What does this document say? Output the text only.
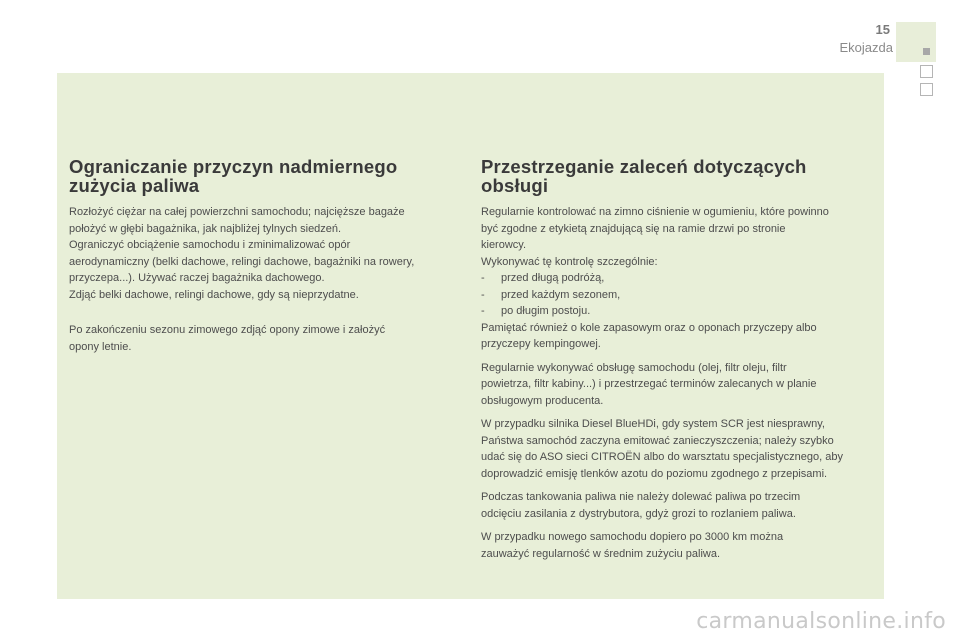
15
Ekojazda
Ograniczanie przyczyn nadmiernego
zużycia paliwa

Rozłożyć ciężar na całej powierzchni samochodu; najcięższe bagaże
położyć w głębi bagażnika, jak najbliżej tylnych siedzeń.
Ograniczyć obciążenie samochodu i zminimalizować opór
aerodynamiczny (belki dachowe, relingi dachowe, bagażniki na rowery,
przyczepa...). Używać raczej bagażnika dachowego.
Zdjąć belki dachowe, relingi dachowe, gdy są nieprzydatne.

Po zakończeniu sezonu zimowego zdjąć opony zimowe i założyć
opony letnie.

Przestrzeganie zaleceń dotyczących
obsługi

Regularnie kontrolować na zimno ciśnienie w ogumieniu, które powinno
być zgodne z etykietą znajdującą się na ramie drzwi po stronie
kierowcy.
Wykonywać tę kontrolę szczególnie:

-	przed długą podróżą,

-	przed każdym sezonem,

-	po długim postoju.

Pamiętać również o kole zapasowym oraz o oponach przyczepy albo
przyczepy kempingowej.

Regularnie wykonywać obsługę samochodu (olej, filtr oleju, filtr
powietrza, filtr kabiny...) i przestrzegać terminów zalecanych w planie
obsługowym producenta.

W przypadku silnika Diesel BlueHDi, gdy system SCR jest niesprawny,
Państwa samochód zaczyna emitować zanieczyszczenia; należy szybko
udać się do ASO sieci CITROËN albo do warsztatu specjalistycznego, aby
doprowadzić emisję tlenków azotu do poziomu zgodnego z przepisami.

Podczas tankowania paliwa nie należy dolewać paliwa po trzecim
odcięciu zasilania z dystrybutora, gdyż grozi to rozlaniem paliwa.

W przypadku nowego samochodu dopiero po 3000 km można
zauważyć regularność w średnim zużyciu paliwa.

carmanualsonline.info
